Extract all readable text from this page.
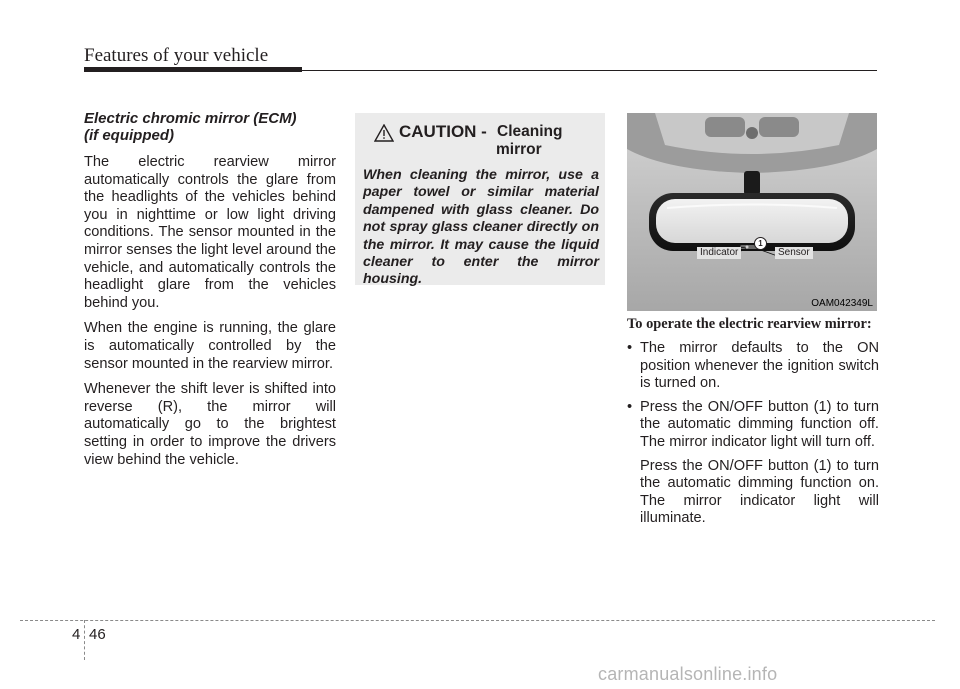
Features of your vehicle
Electric chromic mirror (ECM)
(if equipped)

The electric rearview mirror automatically controls the glare from the headlights of the vehicles behind you in nighttime or low light driving conditions. The sensor mounted in the mirror senses the light level around the vehicle, and automatically controls the headlight glare from the vehicles behind you.

When the engine is running, the glare is automatically controlled by the sensor mounted in the rearview mirror.

Whenever the shift lever is shifted into reverse (R), the mirror will automatically go to the brightest setting in order to improve the drivers view behind the vehicle.

CAUTION - Cleaning
mirror

When cleaning the mirror, use a paper towel or similar material dampened with glass cleaner. Do not spray glass cleaner directly on the mirror. It may cause the liquid cleaner to enter the mirror housing.

1
Indicator	Sensor
OAM042349L
To operate the electric rearview mirror:

• The mirror defaults to the ON position whenever the ignition switch is turned on.

• Press the ON/OFF button (1) to turn the automatic dimming function off. The mirror indicator light will turn off.

Press the ON/OFF button (1) to turn the automatic dimming function on. The mirror indicator light will illuminate.

4 46
carmanualsonline.info
